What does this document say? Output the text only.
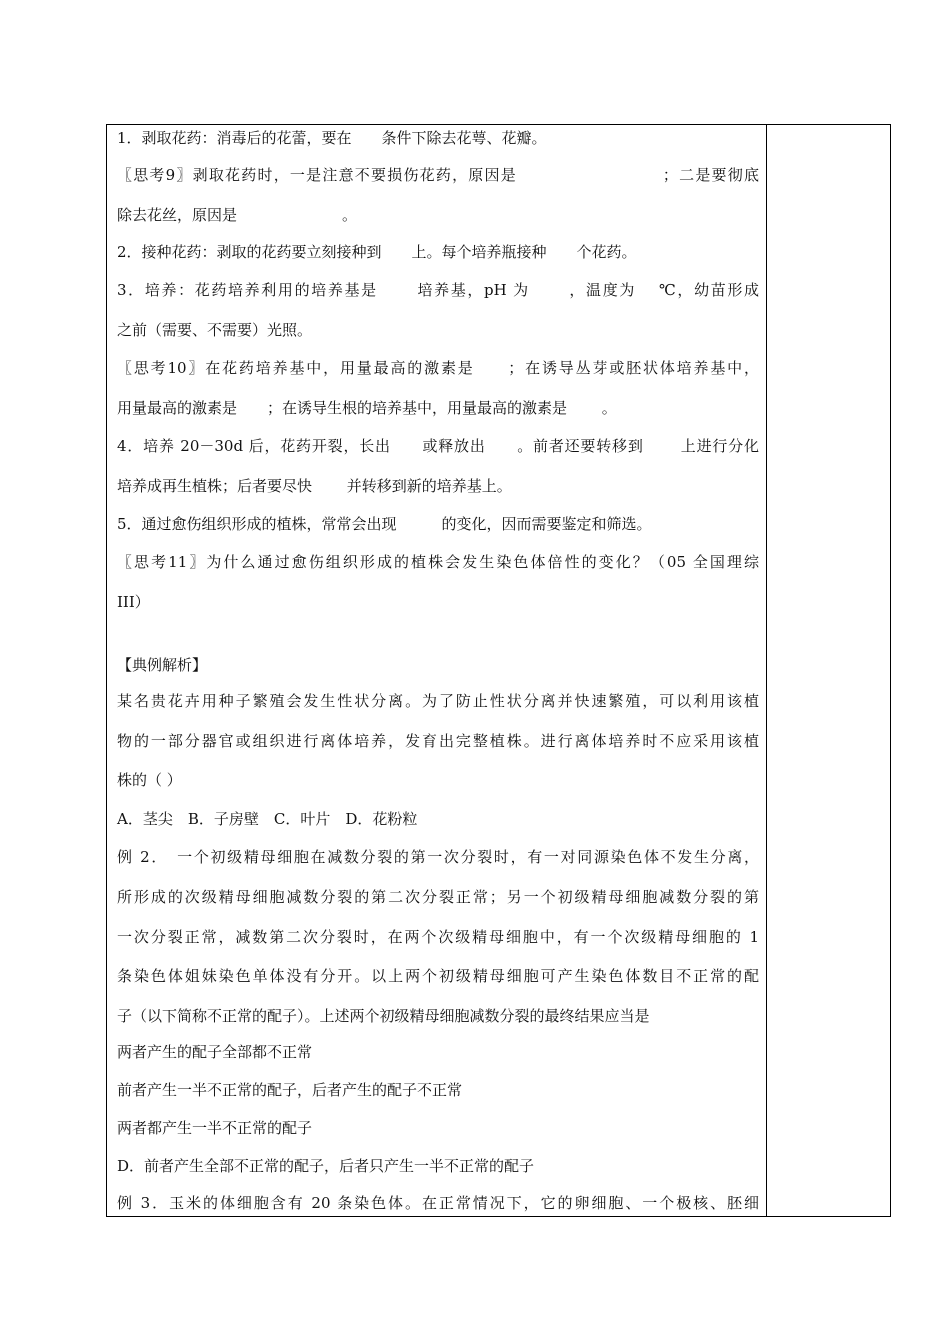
1．剥取花药：消毒后的花蕾，要在　　条件下除去花萼、花瓣。
〖思考9〗剥取花药时，一是注意不要损伤花药，原因是　　　　　　　　　；二是要彻底
除去花丝，原因是　　　　　　　。
2．接种花药：剥取的花药要立刻接种到　　上。每个培养瓶接种　　个花药。
3．培养：花药培养利用的培养基是　　 培养基，pH 为　　 ，温度为　 ℃，幼苗形成
之前（需要、不需要）光照。
〖思考10〗在花药培养基中，用量最高的激素是　　；在诱导丛芽或胚状体培养基中，
用量最高的激素是　　；在诱导生根的培养基中，用量最高的激素是　　 。
4．培养 20－30d 后，花药开裂，长出　　或释放出　　。前者还要转移到　　 上进行分化
培养成再生植株；后者要尽快　　 并转移到新的培养基上。
5．通过愈伤组织形成的植株，常常会出现　　　的变化，因而需要鉴定和筛选。
〖思考11〗为什么通过愈伤组织形成的植株会发生染色体倍性的变化？（05 全国理综
III）
【典例解析】
某名贵花卉用种子繁殖会发生性状分离。为了防止性状分离并快速繁殖，可以利用该植
物的一部分器官或组织进行离体培养，发育出完整植株。进行离体培养时不应采用该植
株的（ ）
A．茎尖　B．子房壁　C．叶片　D．花粉粒
例 2．　一个初级精母细胞在减数分裂的第一次分裂时，有一对同源染色体不发生分离，
所形成的次级精母细胞减数分裂的第二次分裂正常；另一个初级精母细胞减数分裂的第
一次分裂正常，减数第二次分裂时，在两个次级精母细胞中，有一个次级精母细胞的 1
条染色体姐妹染色单体没有分开。以上两个初级精母细胞可产生染色体数目不正常的配
子（以下简称不正常的配子）。上述两个初级精母细胞减数分裂的最终结果应当是
两者产生的配子全部都不正常
前者产生一半不正常的配子，后者产生的配子不正常
两者都产生一半不正常的配子
D．前者产生全部不正常的配子，后者只产生一半不正常的配子
例 3．玉米的体细胞含有 20 条染色体。在正常情况下，它的卵细胞、一个极核、胚细
